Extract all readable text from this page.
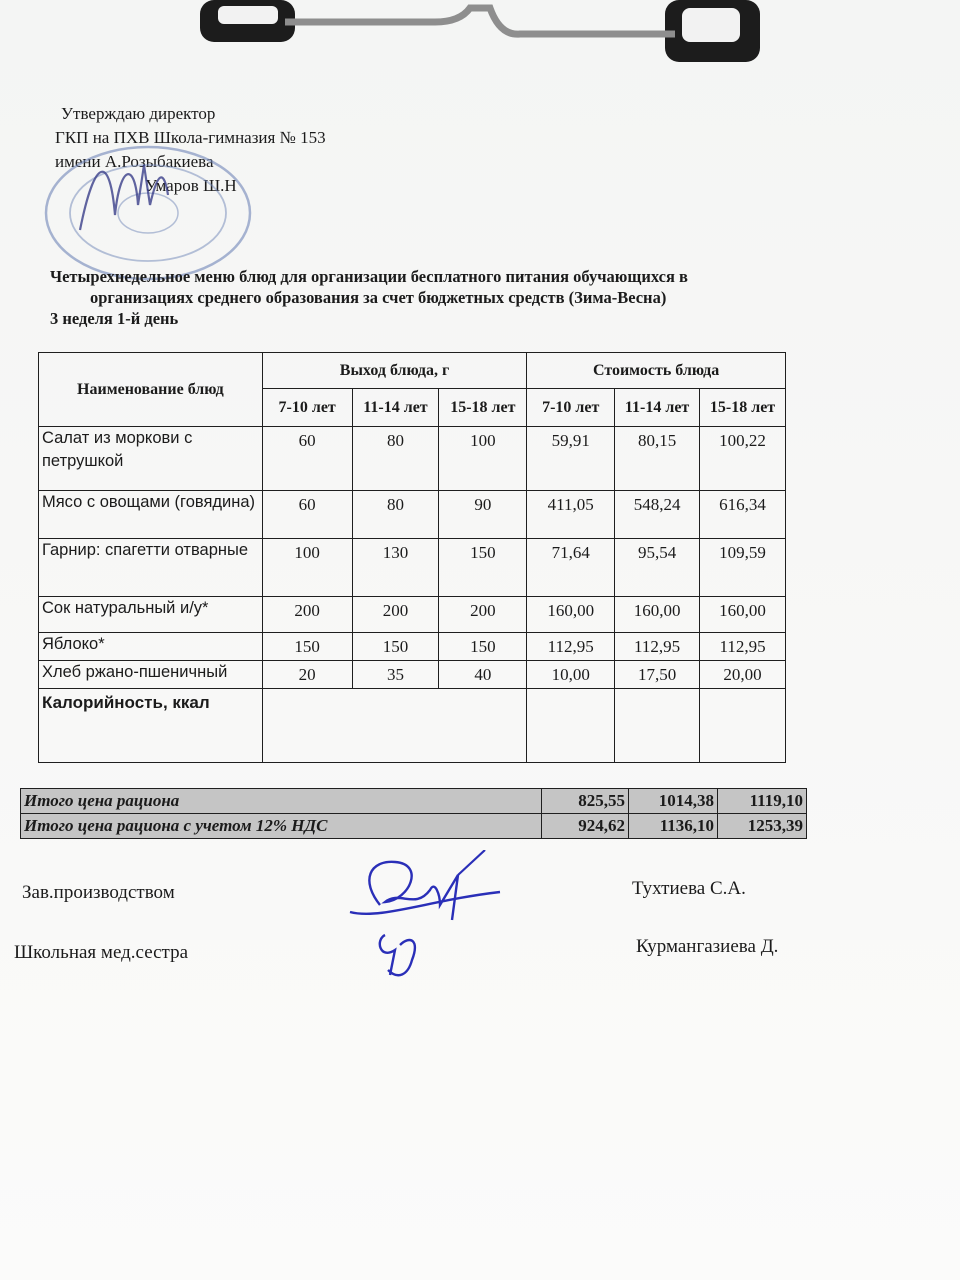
Утверждаю директор
ГКП на ПХВ Школа-гимназия № 153
имени А.Розыбакиева
Умаров Ш.Н
Четырехнедельное меню блюд для организации бесплатного питания обучающихся в
организациях среднего образования за счет бюджетных средств (Зима-Весна)
3 неделя 1-й день
Наименование блюд	Выход блюда, г			Стоимость блюда		
	7-10 лет	11-14 лет	15-18 лет	7-10 лет	11-14 лет	15-18 лет
Салат из моркови с петрушкой	60	80	100	59,91	80,15	100,22
Мясо с овощами (говядина)	60	80	90	411,05	548,24	616,34
Гарнир: спагетти отварные	100	130	150	71,64	95,54	109,59
Сок натуральный и/у*	200	200	200	160,00	160,00	160,00
Яблоко*	150	150	150	112,95	112,95	112,95
Хлеб ржано-пшеничный	20	35	40	10,00	17,50	20,00
Калорийность, ккал						
Итого цена рациона	825,55	1014,38	1119,10
Итого цена рациона с учетом 12% НДС	924,62	1136,10	1253,39
Зав.производством	Тухтиева С.А.
Школьная мед.сестра	Курмангазиева Д.
